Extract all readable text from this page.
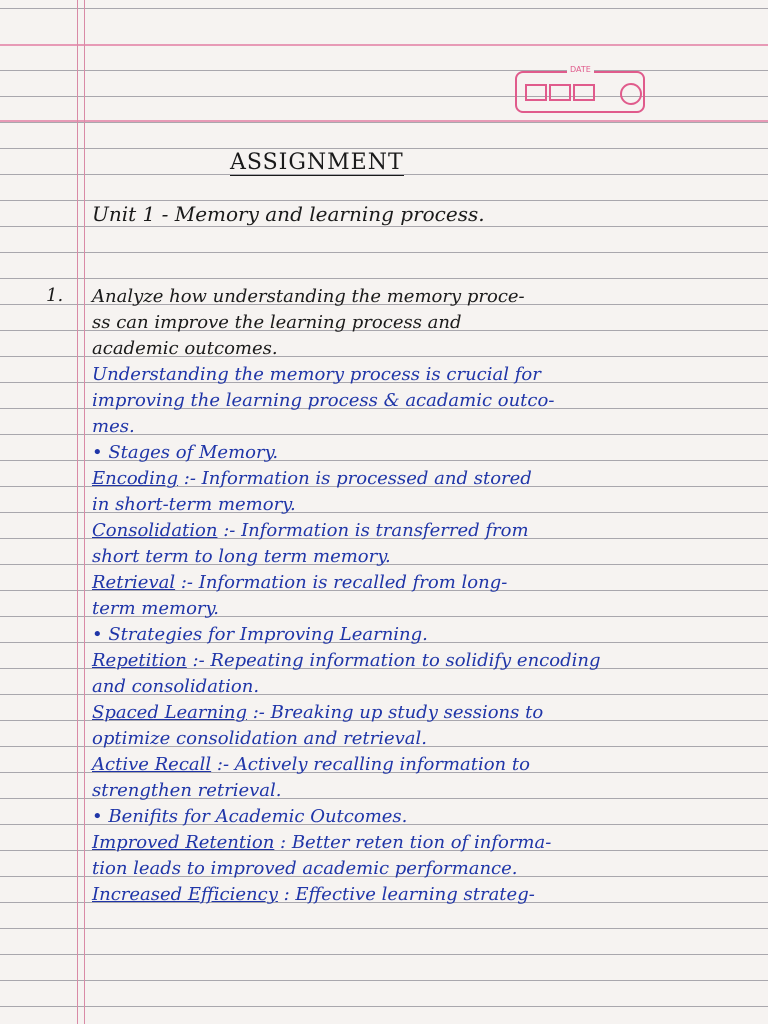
DATE
ASSIGNMENT
Unit 1 - Memory and learning process.
1. Analyze how understanding the memory proce-
ss can improve the learning process and
academic outcomes.
Understanding the memory process is crucial for
improving the learning process & acadamic outco-
mes.
• Stages of Memory.
Encoding :- Information is processed and stored
in short-term memory.
Consolidation :- Information is transferred from
short term to long term memory.
Retrieval :- Information is recalled from long-
term memory.
• Strategies for Improving Learning.
Repetition :- Repeating information to solidify encoding
and consolidation.
Spaced Learning :- Breaking up study sessions to
optimize consolidation and retrieval.
Active Recall :- Actively recalling information to
strengthen retrieval.
• Benifits for Academic Outcomes.
Improved Retention : Better reten tion of informa-
tion leads to improved academic performance.
Increased Efficiency : Effective learning strateg-
